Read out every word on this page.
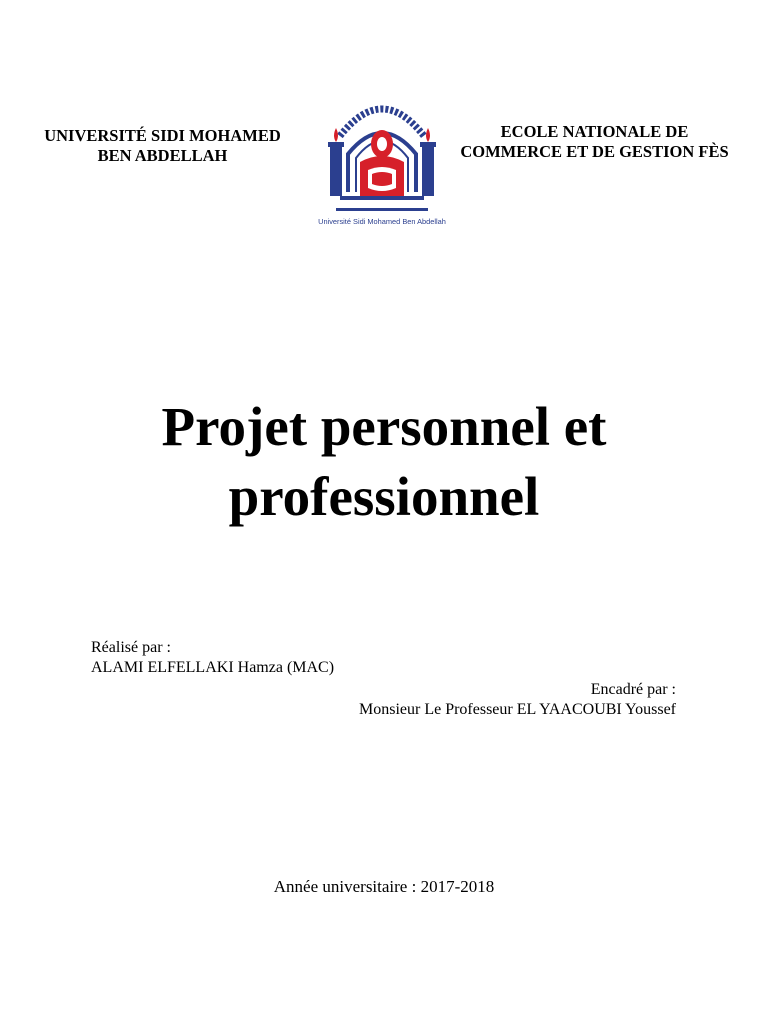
UNIVERSITÉ SIDI MOHAMED
BEN ABDELLAH
Université Sidi Mohamed Ben Abdellah
ECOLE NATIONALE DE
COMMERCE ET DE GESTION FÈS
Projet personnel et
professionnel
Réalisé par :
ALAMI ELFELLAKI Hamza (MAC)
Encadré par :
Monsieur Le Professeur EL YAACOUBI Youssef
Année universitaire : 2017-2018
